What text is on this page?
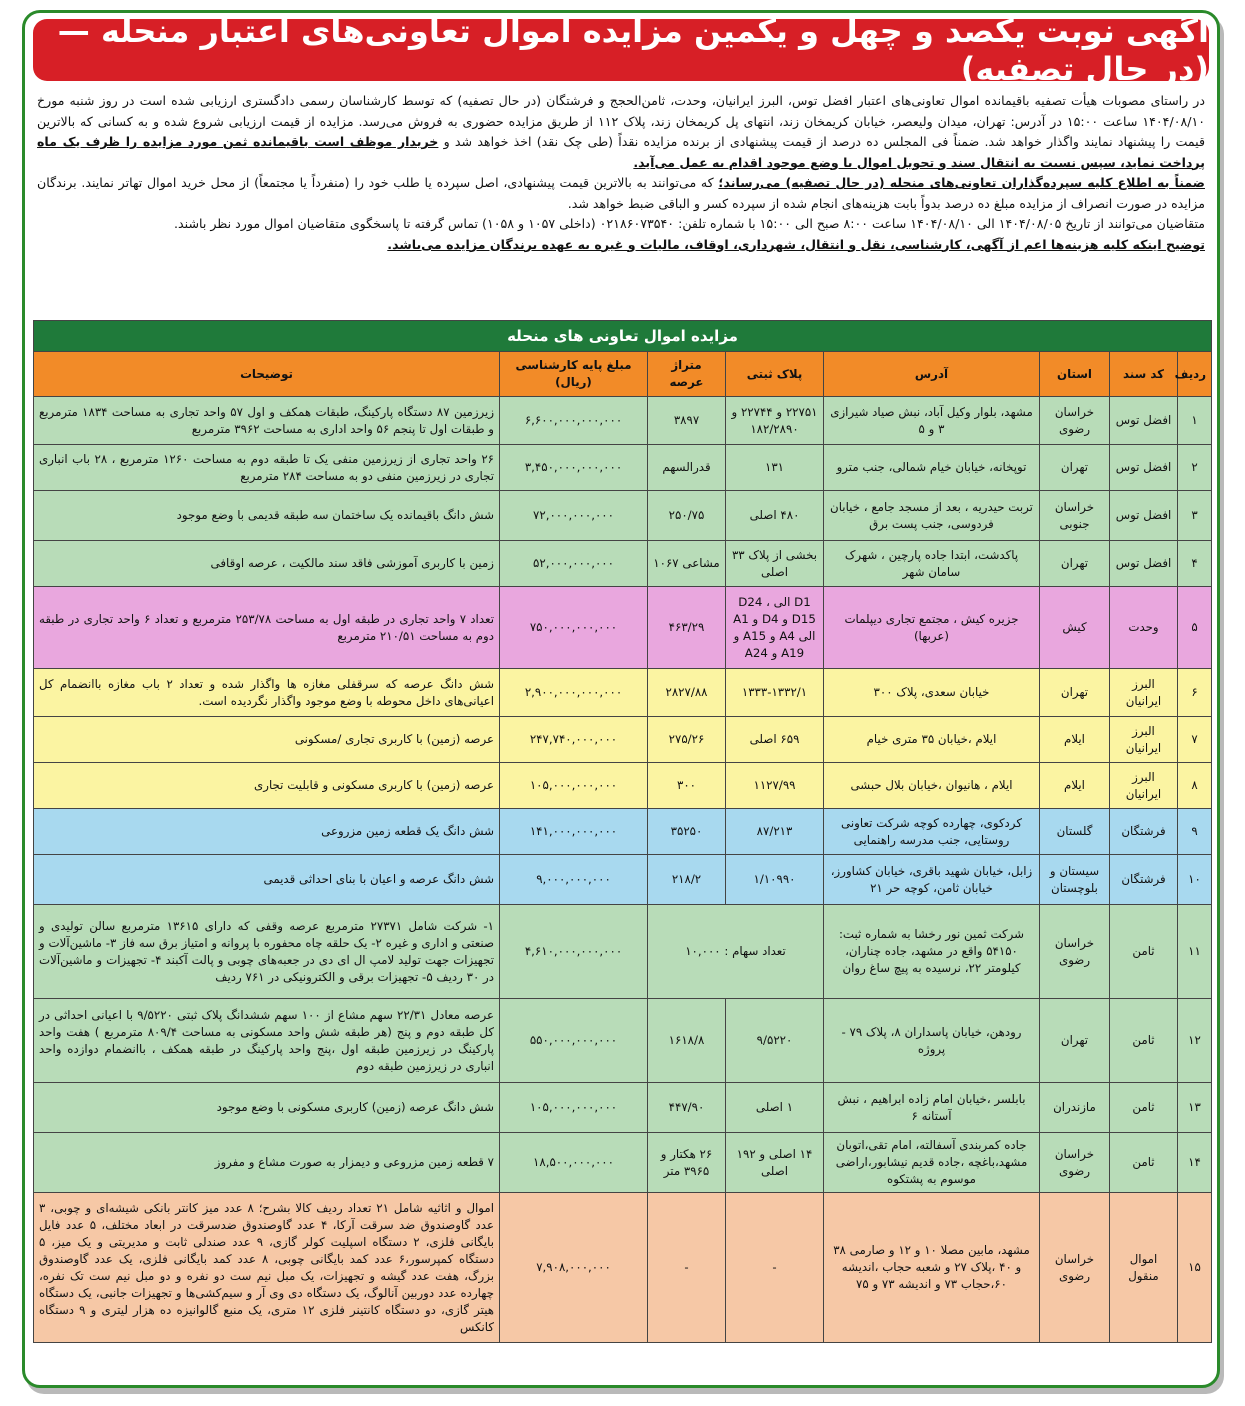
آگهی نوبت یکصد و چهل و یکمین مزایده اموال تعاونی‌های اعتبار منحله — (در حال تصفیه)

در راستای مصوبات هیأت تصفیه باقیمانده اموال تعاونی‌های اعتبار افضل توس، البرز ایرانیان، وحدت، ثامن‌الحجج و فرشتگان (در حال تصفیه) که توسط کارشناسان رسمی دادگستری ارزیابی شده است در روز شنبه مورخ ۱۴۰۴/۰۸/۱۰ ساعت ۱۵:۰۰ در آدرس: تهران، میدان ولیعصر، خیابان کریمخان زند، انتهای پل کریمخان زند، پلاک ۱۱۲ از طریق مزایده حضوری به فروش می‌رسد. مزایده از قیمت ارزیابی شروع شده و به کسانی که بالاترین قیمت را پیشنهاد نمایند واگذار خواهد شد. ضمناً فی المجلس ده درصد از قیمت پیشنهادی از برنده مزایده نقداً (طی چک نقد) اخذ خواهد شد و خریدار موظف است باقیمانده ثمن مورد مزایده را ظرف یک ماه پرداخت نماید، سپس نسبت به انتقال سند و تحویل اموال با وضع موجود اقدام به عمل می‌آید.

ضمناً به اطلاع کلیه سپرده‌گذاران تعاونی‌های منحله (در حال تصفیه) می‌رساند؛ که می‌توانند به بالاترین قیمت پیشنهادی، اصل سپرده یا طلب خود را (منفرداً یا مجتمعاً) از محل خرید اموال تهاتر نمایند. برندگان مزایده در صورت انصراف از مزایده مبلغ ده درصد بدواً بابت هزینه‌های انجام شده از سپرده کسر و الباقی ضبط خواهد شد.

متقاضیان می‌توانند از تاریخ ۱۴۰۴/۰۸/۰۵ الی ۱۴۰۴/۰۸/۱۰ ساعت ۸:۰۰ صبح الی ۱۵:۰۰ با شماره تلفن: ۰۲۱۸۶۰۷۳۵۴۰ (داخلی ۱۰۵۷ و ۱۰۵۸) تماس گرفته تا پاسخگوی متقاضیان اموال مورد نظر باشند.

توضیح اینکه کلیه هزینه‌ها اعم از آگهی، کارشناسی، نقل و انتقال، شهرداری، اوقاف، مالیات و غیره به عهده برندگان مزایده می‌باشد.

مزایده اموال تعاونی های منحله							
ردیف	کد سند	استان	آدرس	پلاک ثبتی	متراژ عرصه	مبلغ پایه کارشناسی (ریال)	توضیحات
۱	افضل توس	خراسان رضوی	مشهد، بلوار وکیل آباد، نبش صیاد شیرازی ۳ و ۵	۲۲۷۵۱ و ۲۲۷۴۴ و ۱۸۲/۲۸۹۰	۳۸۹۷	۶,۶۰۰,۰۰۰,۰۰۰,۰۰۰	زیرزمین ۸۷ دستگاه پارکینگ، طبقات همکف و اول ۵۷ واحد تجاری به مساحت ۱۸۳۴ مترمربع و طبقات اول تا پنجم ۵۶ واحد اداری به مساحت ۳۹۶۲ مترمربع
۲	افضل توس	تهران	توپخانه، خیابان خیام شمالی، جنب مترو	۱۳۱	قدرالسهم	۳,۴۵۰,۰۰۰,۰۰۰,۰۰۰	۲۶ واحد تجاری از زیرزمین منفی یک تا طبقه دوم به مساحت ۱۲۶۰ مترمربع ، ۲۸ باب انباری تجاری در زیرزمین منفی دو به مساحت ۲۸۴ مترمربع
۳	افضل توس	خراسان جنوبی	تربت حیدریه ، بعد از مسجد جامع ، خیابان فردوسی، جنب پست برق	۴۸۰ اصلی	۲۵۰/۷۵	۷۲,۰۰۰,۰۰۰,۰۰۰	شش دانگ باقیمانده یک ساختمان سه طبقه قدیمی با وضع موجود
۴	افضل توس	تهران	پاکدشت، ابتدا جاده پارچین ، شهرک سامان شهر	بخشی از پلاک ۳۳ اصلی	مشاعی ۱۰۶۷	۵۲,۰۰۰,۰۰۰,۰۰۰	زمین با کاربری آموزشی فاقد سند مالکیت ، عرصه اوقافی
۵	وحدت	کیش	جزیره کیش ، مجتمع تجاری دیپلمات (عربها)	D1 الی D24 ، D15 و D4 و A1 الی A4 و A15 و A19 و A24	۴۶۳/۲۹	۷۵۰,۰۰۰,۰۰۰,۰۰۰	تعداد ۷ واحد تجاری در طبقه اول به مساحت ۲۵۳/۷۸ مترمربع و تعداد ۶ واحد تجاری در طبقه دوم به مساحت ۲۱۰/۵۱ مترمربع
۶	البرز ایرانیان	تهران	خیابان سعدی، پلاک ۳۰۰	۱۳۳۳-۱۳۳۲/۱	۲۸۲۷/۸۸	۲,۹۰۰,۰۰۰,۰۰۰,۰۰۰	شش دانگ عرصه که سرقفلی مغازه ها واگذار شده و تعداد ۲ باب مغازه باانضمام کل اعیانی‌های داخل محوطه با وضع موجود واگذار نگردیده است.
۷	البرز ایرانیان	ایلام	ایلام ،خیابان ۳۵ متری خیام	۶۵۹ اصلی	۲۷۵/۲۶	۲۴۷,۷۴۰,۰۰۰,۰۰۰	عرصه (زمین) با کاربری تجاری /مسکونی
۸	البرز ایرانیان	ایلام	ایلام ، هانیوان ،خیابان بلال حبشی	۱۱۲۷/۹۹	۳۰۰	۱۰۵,۰۰۰,۰۰۰,۰۰۰	عرصه (زمین) با کاربری مسکونی و قابلیت تجاری
۹	فرشتگان	گلستان	کردکوی، چهارده کوچه شرکت تعاونی روستایی، جنب مدرسه راهنمایی	۸۷/۲۱۳	۳۵۲۵۰	۱۴۱,۰۰۰,۰۰۰,۰۰۰	شش دانگ یک قطعه زمین مزروعی
۱۰	فرشتگان	سیستان و بلوچستان	زابل، خیابان شهید باقری، خیابان کشاورز، خیابان ثامن، کوچه حر ۲۱	۱/۱۰۹۹۰	۲۱۸/۲	۹,۰۰۰,۰۰۰,۰۰۰	شش دانگ عرصه و اعیان با بنای احداثی قدیمی
۱۱	ثامن	خراسان رضوی	شرکت ثمین نور رخشا به شماره ثبت: ۵۴۱۵۰ واقع در مشهد، جاده چناران، کیلومتر ۲۲، نرسیده به پیچ ساغ روان	تعداد سهام : ۱۰,۰۰۰		۴,۶۱۰,۰۰۰,۰۰۰,۰۰۰	۱- شرکت شامل ۲۷۳۷۱ مترمربع عرصه وقفی که دارای ۱۳۶۱۵ مترمربع سالن تولیدی و صنعتی و اداری و غیره ۲- یک حلقه چاه محفوره با پروانه و امتیاز برق سه فاز ۳- ماشین‌آلات و تجهیزات جهت تولید لامپ ال ای دی در جعبه‌های چوبی و پالت آکبند ۴- تجهیزات و ماشین‌آلات در ۳۰ ردیف ۵- تجهیزات برقی و الکترونیکی در ۷۶۱ ردیف
۱۲	ثامن	تهران	رودهن، خیابان پاسداران ۸، پلاک ۷۹ - پروژه	۹/۵۲۲۰	۱۶۱۸/۸	۵۵۰,۰۰۰,۰۰۰,۰۰۰	عرصه معادل ۲۲/۳۱ سهم مشاع از ۱۰۰ سهم ششدانگ پلاک ثبتی ۹/۵۲۲۰ با اعیانی احداثی در کل طبقه دوم و پنج (هر طبقه شش واحد مسکونی به مساحت ۸۰۹/۴ مترمربع ) هفت واحد پارکینگ در زیرزمین طبقه اول ،پنج واحد پارکینگ در طبقه همکف ، باانضمام دوازده واحد انباری در زیرزمین طبقه دوم
۱۳	ثامن	مازندران	بابلسر ،خیابان امام زاده ابراهیم ، نبش آستانه ۶	۱ اصلی	۴۴۷/۹۰	۱۰۵,۰۰۰,۰۰۰,۰۰۰	شش دانگ عرصه (زمین) کاربری مسکونی با وضع موجود
۱۴	ثامن	خراسان رضوی	جاده کمربندی آسفالته، امام تقی،اتوبان مشهد،باغچه ،جاده قدیم نیشابور،اراضی موسوم به پشتکوه	۱۴ اصلی و ۱۹۲ اصلی	۲۶ هکتار و ۳۹۶۵ متر	۱۸,۵۰۰,۰۰۰,۰۰۰	۷ قطعه زمین مزروعی و دیمزار به صورت مشاع و مفروز
۱۵	اموال منقول	خراسان رضوی	مشهد، مابین مصلا ۱۰ و ۱۲ و صارمی ۳۸ و ۴۰ ،پلاک ۲۷ و شعبه حجاب ،اندیشه ۶۰،حجاب ۷۳ و اندیشه ۷۳ و ۷۵	-	-	۷,۹۰۸,۰۰۰,۰۰۰	اموال و اثاثیه شامل ۲۱ تعداد ردیف کالا بشرح؛ ۸ عدد میز کانتر بانکی شیشه‌ای و چوبی، ۳ عدد گاوصندوق ضد سرقت آرکا، ۴ عدد گاوصندوق ضدسرقت در ابعاد مختلف، ۵ عدد فایل بایگانی فلزی، ۲ دستگاه اسپلیت کولر گازی، ۹ عدد صندلی ثابت و مدیریتی و یک میز، ۵ دستگاه کمپرسور،۶ عدد کمد بایگانی چوبی، ۸ عدد کمد بایگانی فلزی، یک عدد گاوصندوق بزرگ، هفت عدد گیشه و تجهیزات، یک مبل نیم ست دو نفره و دو مبل نیم ست تک نفره، چهارده عدد دوربین آنالوگ، یک دستگاه دی وی آر و سیم‌کشی‌ها و تجهیزات جانبی، یک دستگاه هیتر گازی، دو دستگاه کانتینر فلزی ۱۲ متری، یک منبع گالوانیزه ده هزار لیتری و ۹ دستگاه کانکس
